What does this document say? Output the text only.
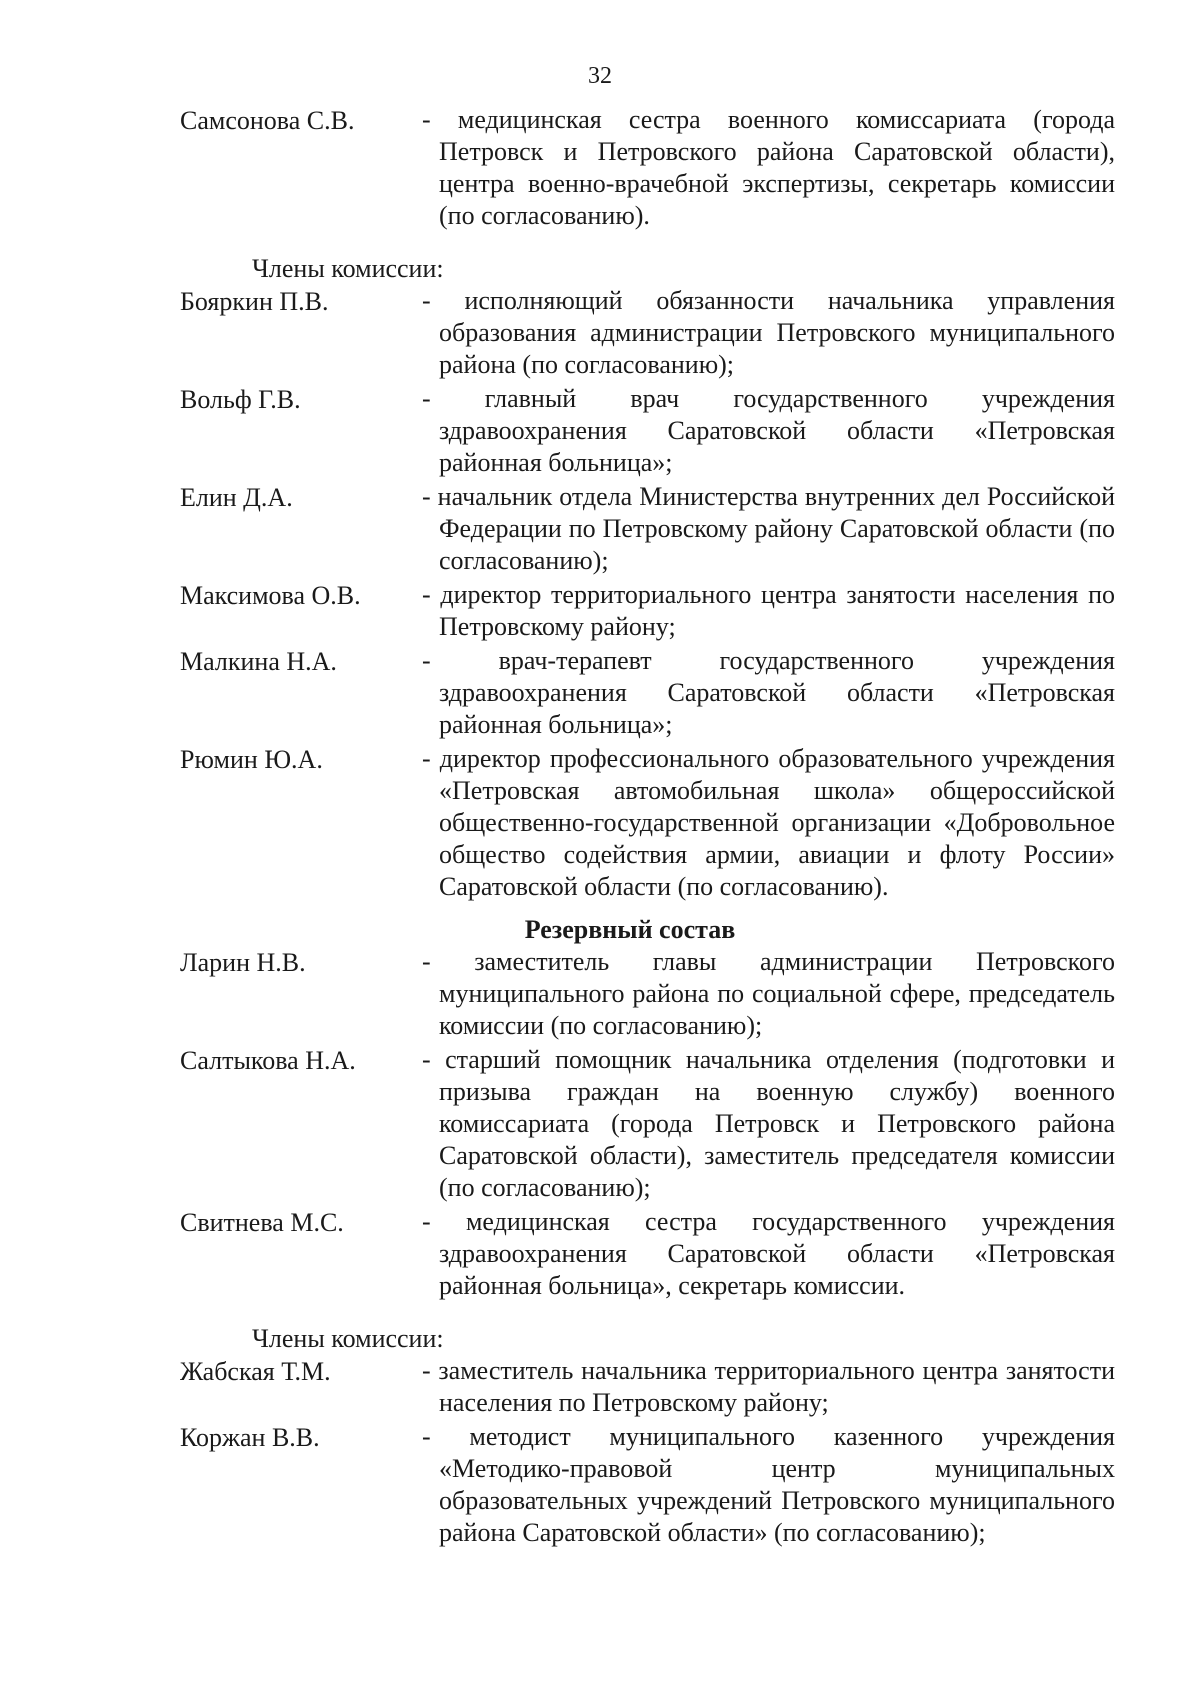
32
Самсонова С.В.	- медицинская сестра военного комиссариата (города Петровск и Петровского района Саратовской области), центра военно-врачебной экспертизы, секретарь комиссии (по согласованию).
Члены комиссии:
Бояркин П.В.	- исполняющий обязанности начальника управления образования администрации Петровского муниципального района (по согласованию);
Вольф Г.В.	- главный врач государственного учреждения здравоохранения Саратовской области «Петровская районная больница»;
Елин Д.А.	- начальник отдела Министерства внутренних дел Российской Федерации по Петровскому району Саратовской области (по согласованию);
Максимова О.В. - директор территориального центра занятости населения по Петровскому району;
Малкина Н.А.	- врач-терапевт государственного учреждения здравоохранения Саратовской области «Петровская районная больница»;
Рюмин Ю.А.	- директор профессионального образовательного учреждения «Петровская автомобильная школа» общероссийской общественно-государственной организации «Добровольное общество содействия армии, авиации и флоту России» Саратовской области (по согласованию).
Резервный состав
Ларин Н.В.	- заместитель главы администрации Петровского муниципального района по социальной сфере, председатель комиссии (по согласованию);
Салтыкова Н.А.	- старший помощник начальника отделения (подготовки и призыва граждан на военную службу) военного комиссариата (города Петровск и Петровского района Саратовской области), заместитель председателя комиссии (по согласованию);
Свитнева М.С.	- медицинская сестра государственного учреждения здравоохранения Саратовской области «Петровская районная больница», секретарь комиссии.
Члены комиссии:
Жабская Т.М.	- заместитель начальника территориального центра занятости населения по Петровскому району;
Коржан В.В.	- методист муниципального казенного учреждения «Методико-правовой центр муниципальных образовательных учреждений Петровского муниципального района Саратовской области» (по согласованию);
